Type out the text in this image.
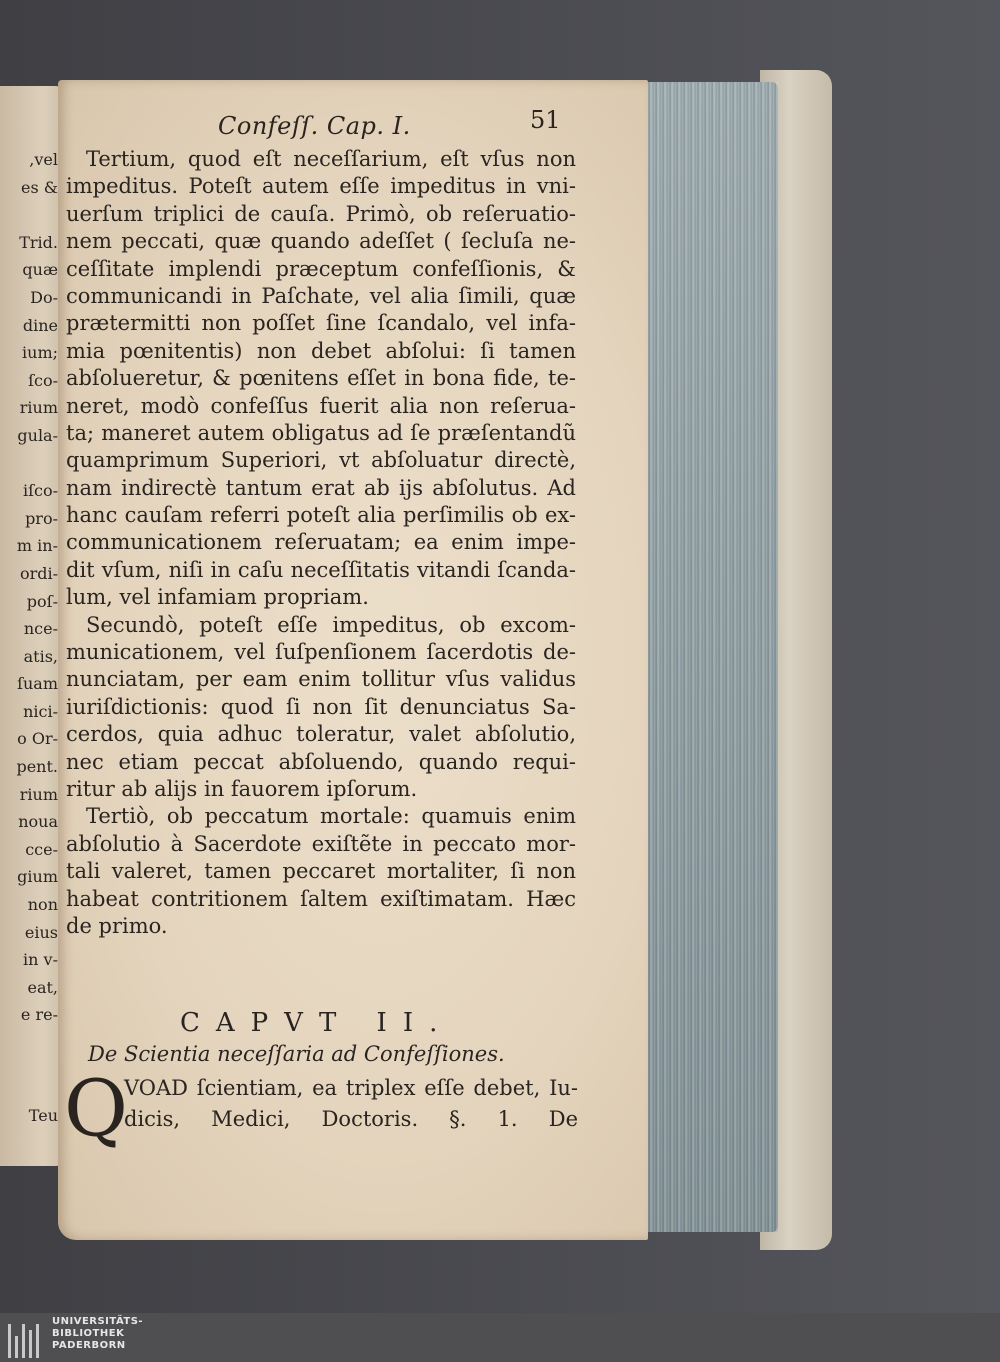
,vel
es &
Trid.
quæ
Do-
dine
ium;
ſco-
rium
gula-
iſco-
pro-
m in-
ordi-
poſ-
nce-
atis,
ſuam
nici-
o Or-
pent.
rium
noua
cce-
gium
non
eius
in v-
eat,
e re-
Teu
Confeſſ. Cap. I.	51
Tertium, quod eſt neceſſarium, eſt vſus non
impeditus. Poteſt autem eſſe impeditus in vni-
uerſum triplici de cauſa. Primò, ob reſeruatio-
nem peccati, quæ quando adeſſet ( ſecluſa ne-
ceſſitate implendi præceptum confeſſionis, &
communicandi in Paſchate, vel alia ſimili, quæ
prætermitti non poſſet ſine ſcandalo, vel infa-
mia pœnitentis) non debet abſolui: ſi tamen
abſolueretur, & pœnitens eſſet in bona fide, te-
neret, modò confeſſus fuerit alia non reſerua-
ta; maneret autem obligatus ad ſe præſentandũ
quamprimum Superiori, vt abſoluatur directè,
nam indirectè tantum erat ab ijs abſolutus. Ad
hanc cauſam referri poteſt alia perſimilis ob ex-
communicationem reſeruatam; ea enim impe-
dit vſum, niſi in caſu neceſſitatis vitandi ſcanda-
lum, vel infamiam propriam.
Secundò, poteſt eſſe impeditus, ob excom-
municationem, vel ſuſpenſionem ſacerdotis de-
nunciatam, per eam enim tollitur vſus validus
iuriſdictionis: quod ſi non ſit denunciatus Sa-
cerdos, quia adhuc toleratur, valet abſolutio,
nec etiam peccat abſoluendo, quando requi-
ritur ab alijs in fauorem ipſorum.
Tertiò, ob peccatum mortale: quamuis enim
abſolutio à Sacerdote exiſtẽte in peccato mor-
tali valeret, tamen peccaret mortaliter, ſi non
habeat contritionem ſaltem exiſtimatam. Hæc
de primo.
CAPVT II.
De Scientia neceſſaria ad Confeſſiones.
Q
VOAD ſcientiam, ea triplex eſſe debet, Iu-
dicis, Medici, Doctoris. §. 1. De
UNIVERSITÄTS-
BIBLIOTHEK
PADERBORN
